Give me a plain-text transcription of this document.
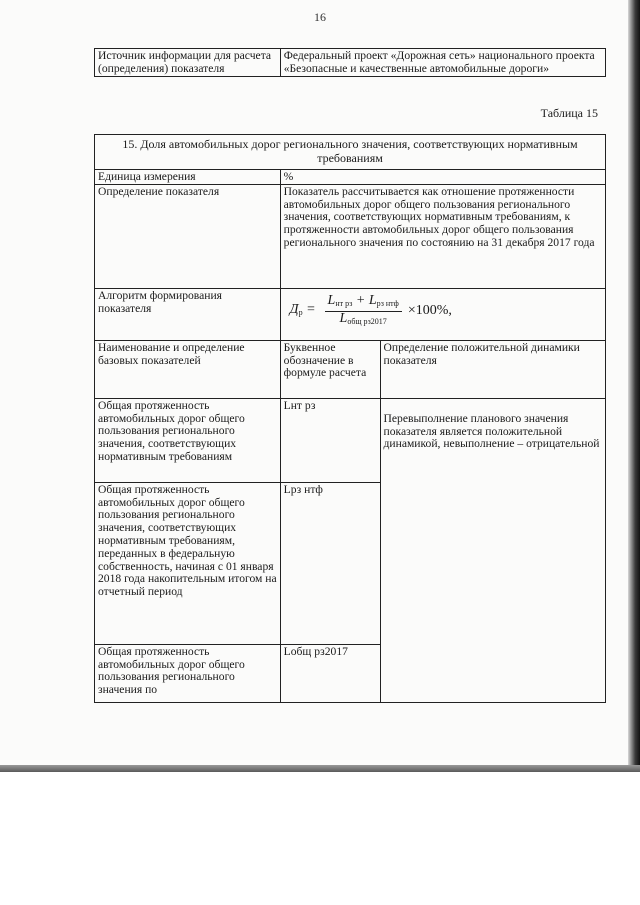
16
Источник информации для расчета (определения) показателя	Федеральный проект «Дорожная сеть» национального проекта «Безопасные и качественные автомобильные дороги»
Таблица 15
15. Доля автомобильных дорог регионального значения, соответствующих нормативным требованиям		
Единица измерения	%	
Определение показателя	Показатель рассчитывается как отношение протяженности автомобильных дорог общего пользования регионального значения, соответствующих нормативным требованиям, к протяженности автомобильных дорог общего пользования регионального значения по состоянию на 31 декабря 2017 года	
Алгоритм формирования показателя	$Д_р = \frac{L_{нт рз} + L_{рз нтф}}{L_{общ рз2017}} \times 100\%$,	

Наименование и определение базовых показателей	Буквенное обозначение в формуле расчета	Определение положительной динамики показателя
Общая протяженность автомобильных дорог общего пользования регионального значения, соответствующих нормативным требованиям	Lнт рз	Перевыполнение планового значения показателя является положительной динамикой, невыполнение – отрицательной
Общая протяженность автомобильных дорог общего пользования регионального значения, соответствующих нормативным требованиям, переданных в федеральную собственность, начиная с 01 января 2018 года накопительным итогом на отчетный период	Lрз нтф	
Общая протяженность автомобильных дорог общего пользования регионального значения по	Lобщ рз2017	
